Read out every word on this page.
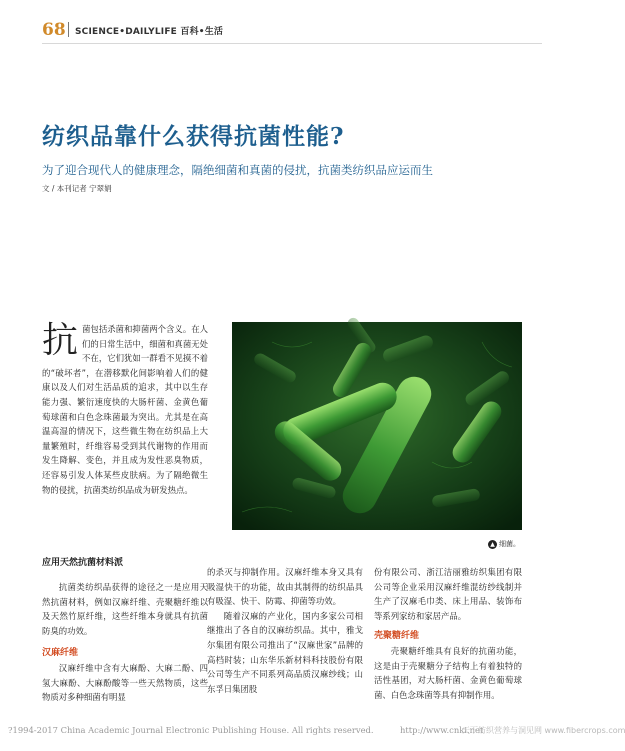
68 SCIENCE•DAILYLIFE 百科•生活
纺织品靠什么获得抗菌性能?
为了迎合现代人的健康理念，隔绝细菌和真菌的侵扰，抗菌类纺织品应运而生
文 / 本刊记者 宁翠娟
抗 菌包括杀菌和抑菌两个含义。在人们的日常生活中，细菌和真菌无处不在，它们犹如一群看不见摸不着的“破坏者”，在潜移默化间影响着人们的健康以及人们对生活品质的追求，其中以生存能力强、繁衍速度快的大肠杆菌、金黄色葡萄球菌和白色念珠菌最为突出。尤其是在高温高湿的情况下，这些微生物在纺织品上大量繁殖时，纤维容易受到其代谢物的作用而发生降解、变色，并且成为发性恶臭物质，还容易引发人体某些皮肤病。为了隔绝微生物的侵扰，抗菌类纺织品成为研发热点。
应用天然抗菌材料派

抗菌类纺织品获得的途径之一是应用天然抗菌材料，例如汉麻纤维、壳聚糖纤维以及天然竹原纤维，这些纤维本身就具有抗菌防臭的功效。

汉麻纤维

汉麻纤维中含有大麻酚、大麻二酚、四氢大麻酚、大麻酚酸等一些天然物质，这些物质对多种细菌有明显

▲ 细菌。

的杀灭与抑制作用。汉麻纤维本身又具有吸湿快干的功能，故由其制得的纺织品具有吸湿、快干、防霉、抑菌等功效。

随着汉麻的产业化，国内多家公司相继推出了各自的汉麻纺织品。其中，雅戈尔集团有限公司推出了“汉麻世家”品牌的高档时装；山东华乐新材料科技股份有限公司等生产不同系列高品质汉麻纱线；山东孚日集团股

份有限公司、浙江洁丽雅纺织集团有限公司等企业采用汉麻纤维混纺纱线制并生产了汉麻毛巾类、床上用品、装饰布等系列家纺和家居产品。

壳聚糖纤维

壳聚糖纤维具有良好的抗菌功能，这是由于壳聚糖分子结构上有着独特的活性基团，对大肠杆菌、金黄色葡萄球菌、白色念珠菌等具有抑制作用。

?1994-2017 China Academic Journal Electronic Publishing House. All rights reserved.	http://www.cnki.net
天下纺织营养与洞见网 www.fibercrops.com
